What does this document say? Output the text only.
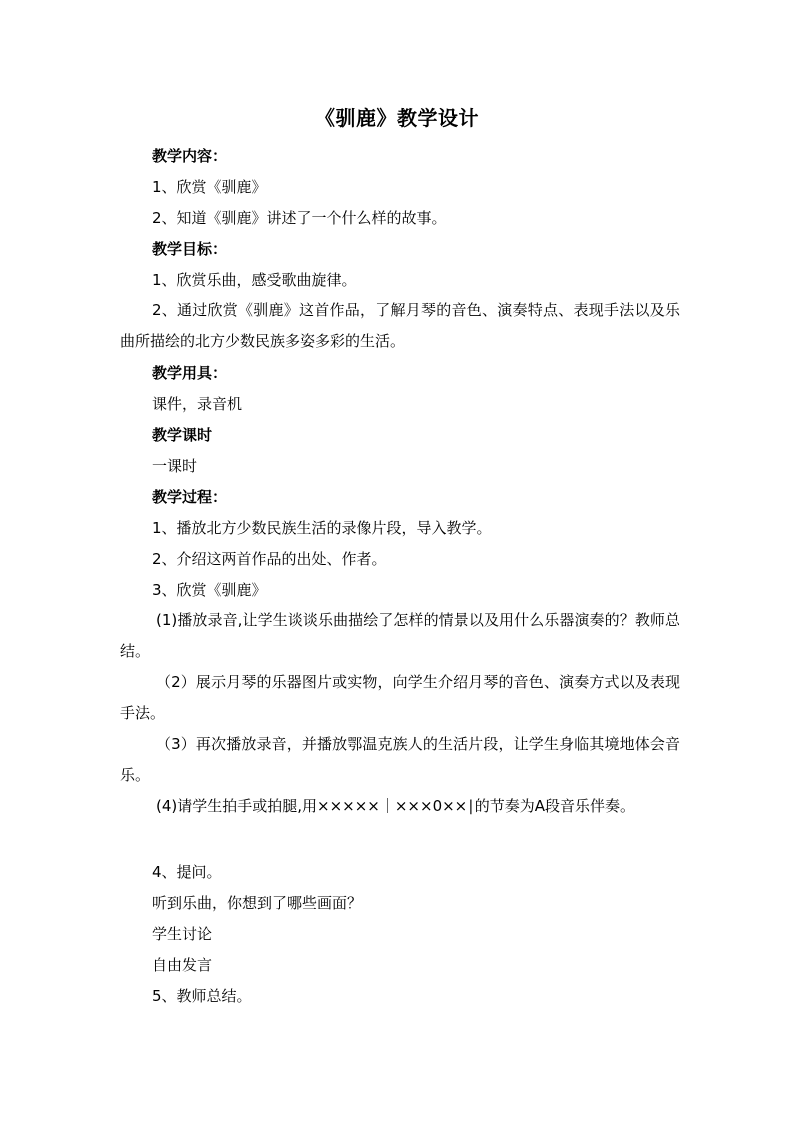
《驯鹿》教学设计
教学内容：
1、欣赏《驯鹿》
2、知道《驯鹿》讲述了一个什么样的故事。
教学目标：
1、欣赏乐曲，感受歌曲旋律。

2、通过欣赏《驯鹿》这首作品，了解月琴的音色、演奏特点、表现手法以及乐曲所描绘的北方少数民族多姿多彩的生活。

教学用具：
课件，录音机
教学课时
一课时
教学过程：
1、播放北方少数民族生活的录像片段，导入教学。
2、介绍这两首作品的出处、作者。
3、欣赏《驯鹿》

(1)播放录音,让学生谈谈乐曲描绘了怎样的情景以及用什么乐器演奏的？教师总结。

（2）展示月琴的乐器图片或实物，向学生介绍月琴的音色、演奏方式以及表现手法。

（3）再次播放录音，并播放鄂温克族人的生活片段，让学生身临其境地体会音乐。

(4)请学生拍手或拍腿,用×××××｜×××0××∣的节奏为A段音乐伴奏。

4、提问。
听到乐曲，你想到了哪些画面？
学生讨论
自由发言
5、教师总结。
